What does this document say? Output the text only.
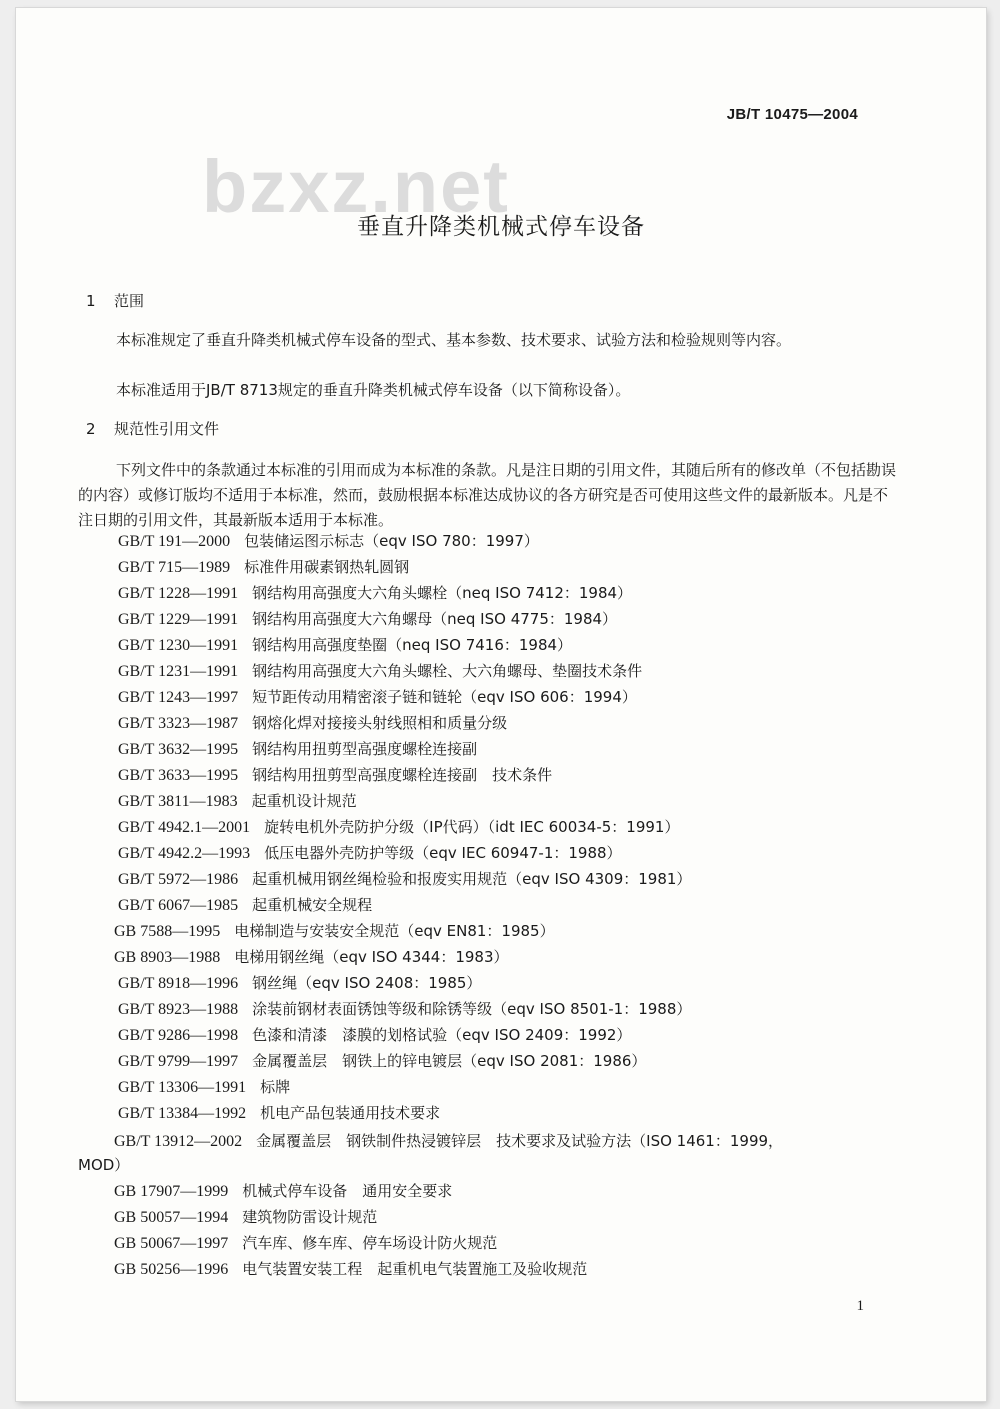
JB/T 10475—2004
bzxz.net
垂直升降类机械式停车设备
1 范围
本标准规定了垂直升降类机械式停车设备的型式、基本参数、技术要求、试验方法和检验规则等内容。
本标准适用于JB/T 8713规定的垂直升降类机械式停车设备（以下简称设备）。
2 规范性引用文件
下列文件中的条款通过本标准的引用而成为本标准的条款。凡是注日期的引用文件，其随后所有的修改单（不包括勘误的内容）或修订版均不适用于本标准，然而，鼓励根据本标准达成协议的各方研究是否可使用这些文件的最新版本。凡是不注日期的引用文件，其最新版本适用于本标准。
GB/T 191—2000 包装储运图示标志（eqv ISO 780：1997）
GB/T 715—1989 标准件用碳素钢热轧圆钢
GB/T 1228—1991 钢结构用高强度大六角头螺栓（neq ISO 7412：1984）
GB/T 1229—1991 钢结构用高强度大六角螺母（neq ISO 4775：1984）
GB/T 1230—1991 钢结构用高强度垫圈（neq ISO 7416：1984）
GB/T 1231—1991 钢结构用高强度大六角头螺栓、大六角螺母、垫圈技术条件
GB/T 1243—1997 短节距传动用精密滚子链和链轮（eqv ISO 606：1994）
GB/T 3323—1987 钢熔化焊对接接头射线照相和质量分级
GB/T 3632—1995 钢结构用扭剪型高强度螺栓连接副
GB/T 3633—1995 钢结构用扭剪型高强度螺栓连接副　技术条件
GB/T 3811—1983 起重机设计规范
GB/T 4942.1—2001 旋转电机外壳防护分级（IP代码）（idt IEC 60034-5：1991）
GB/T 4942.2—1993 低压电器外壳防护等级（eqv IEC 60947-1：1988）
GB/T 5972—1986 起重机械用钢丝绳检验和报废实用规范（eqv ISO 4309：1981）
GB/T 6067—1985 起重机械安全规程
GB 7588—1995 电梯制造与安装安全规范（eqv EN81：1985）
GB 8903—1988 电梯用钢丝绳（eqv ISO 4344：1983）
GB/T 8918—1996 钢丝绳（eqv ISO 2408：1985）
GB/T 8923—1988 涂装前钢材表面锈蚀等级和除锈等级（eqv ISO 8501-1：1988）
GB/T 9286—1998 色漆和清漆　漆膜的划格试验（eqv ISO 2409：1992）
GB/T 9799—1997 金属覆盖层　钢铁上的锌电镀层（eqv ISO 2081：1986）
GB/T 13306—1991 标牌
GB/T 13384—1992 机电产品包装通用技术要求
GB/T 13912—2002 金属覆盖层　钢铁制件热浸镀锌层　技术要求及试验方法（ISO 1461：1999，
MOD）
GB 17907—1999 机械式停车设备　通用安全要求
GB 50057—1994 建筑物防雷设计规范
GB 50067—1997 汽车库、修车库、停车场设计防火规范
GB 50256—1996 电气装置安装工程　起重机电气装置施工及验收规范
1
